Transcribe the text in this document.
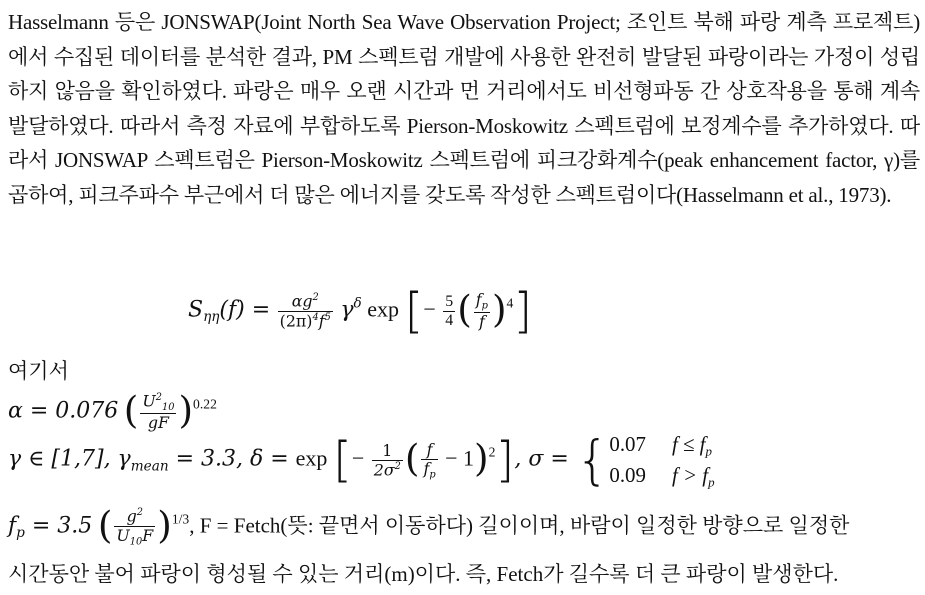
Hasselmann 등은 JONSWAP(Joint North Sea Wave Observation Project; 조인트 북해 파랑 계측 프로젝트)에서 수집된 데이터를 분석한 결과, PM 스펙트럼 개발에 사용한 완전히 발달된 파랑이라는 가정이 성립하지 않음을 확인하였다. 파랑은 매우 오랜 시간과 먼 거리에서도 비선형파동 간 상호작용을 통해 계속 발달하였다. 따라서 측정 자료에 부합하도록 Pierson-Moskowitz 스펙트럼에 보정계수를 추가하였다. 따라서 JONSWAP 스펙트럼은 Pierson-Moskowitz 스펙트럼에 피크강화계수(peak enhancement factor, γ)를 곱하여, 피크주파수 부근에서 더 많은 에너지를 갖도록 작성한 스펙트럼이다(Hasselmann et al., 1973).
$S_{\eta\eta}(f) = \frac{\alpha g^2}{(2\pi)^4f^5} \gamma^\delta$ exp [− $\frac{5}{4}$ ( $\frac{f_p}{f} )^4$]
여기서
α = 0.076 ( $\frac{U^2_{10}}{gF} )^{0.22}$
γ ∈ [1,7], $\gamma_{mean} = 3.3$, δ = exp [− $\frac{1}{2\sigma^2}$ ( $\frac{f}{f_p} - 1)^2$], σ = { 0.07 $f \le f_p$
0.09 $f > f_p$
$f_p = 3.5$ ( $\frac{g^2}{U_{10}F} )^{1/3}$, F = Fetch(뜻: 끝면서 이동하다) 길이이며, 바람이 일정한 방향으로 일정한
시간동안 불어 파랑이 형성될 수 있는 거리(m)이다. 즉, Fetch가 길수록 더 큰 파랑이 발생한다.
